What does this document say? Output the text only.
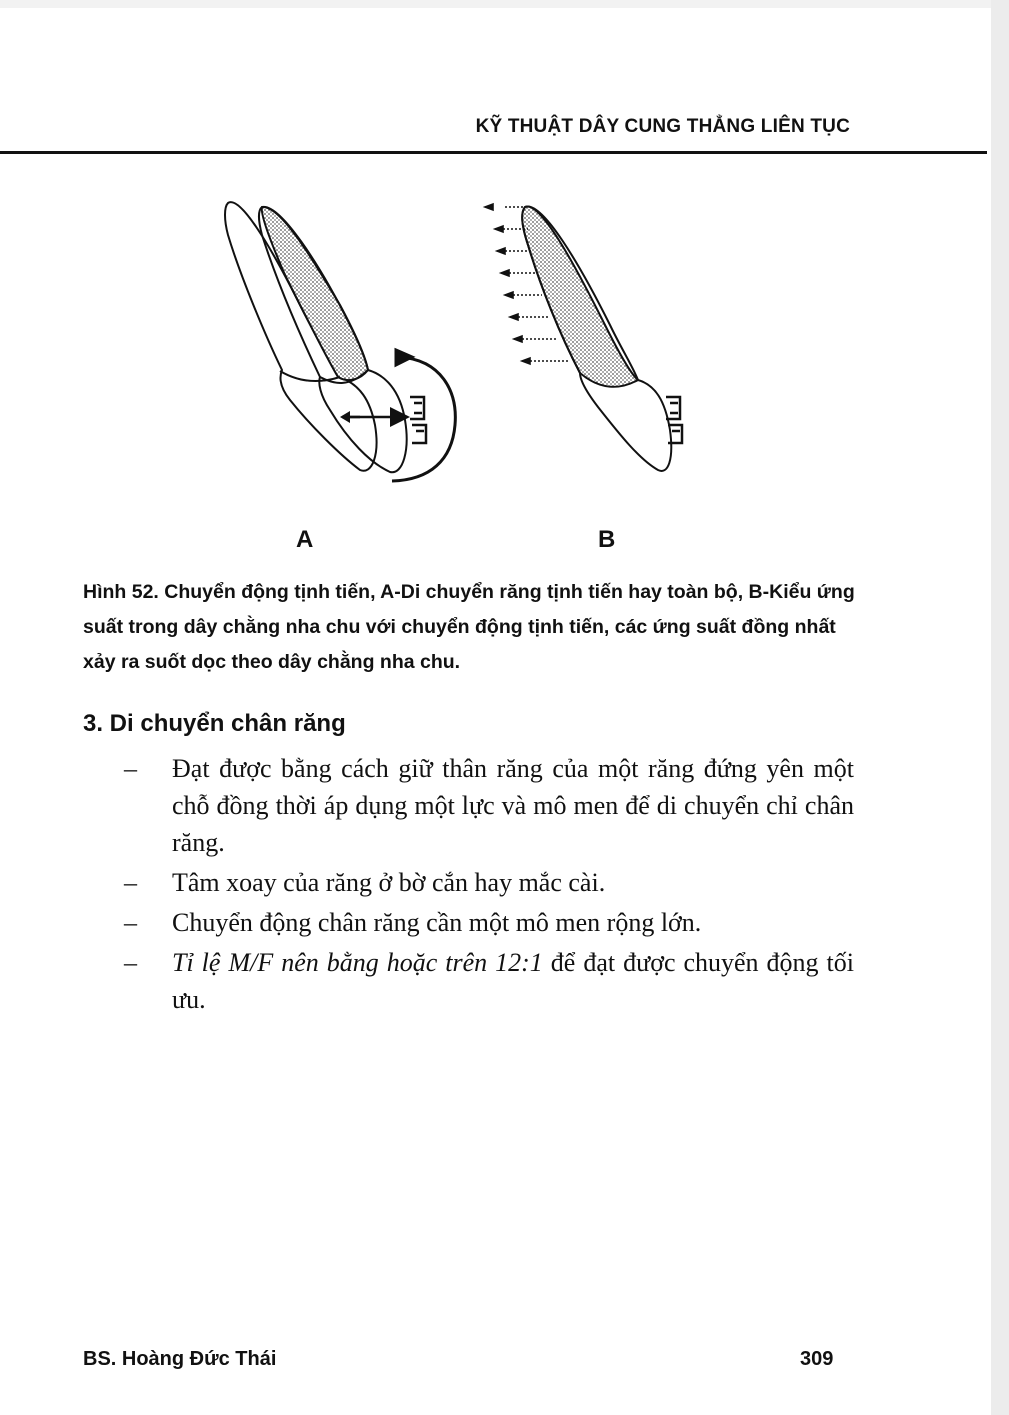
KỸ THUẬT DÂY CUNG THẲNG LIÊN TỤC
A	B
Hình 52. Chuyển động tịnh tiến, A-Di chuyển răng tịnh tiến hay toàn bộ, B-Kiểu ứng suất trong dây chằng nha chu với chuyển động tịnh tiến, các ứng suất đồng nhất xảy ra suốt dọc theo dây chằng nha chu.
3. Di chuyển chân răng
– Đạt được bằng cách giữ thân răng của một răng đứng yên một chỗ đồng thời áp dụng một lực và mô men để di chuyển chỉ chân răng.
– Tâm xoay của răng ở bờ cắn hay mắc cài.
– Chuyển động chân răng cần một mô men rộng lớn.
– Tỉ lệ M/F nên bằng hoặc trên 12:1 để đạt được chuyển động tối ưu.
BS. Hoàng Đức Thái	309
